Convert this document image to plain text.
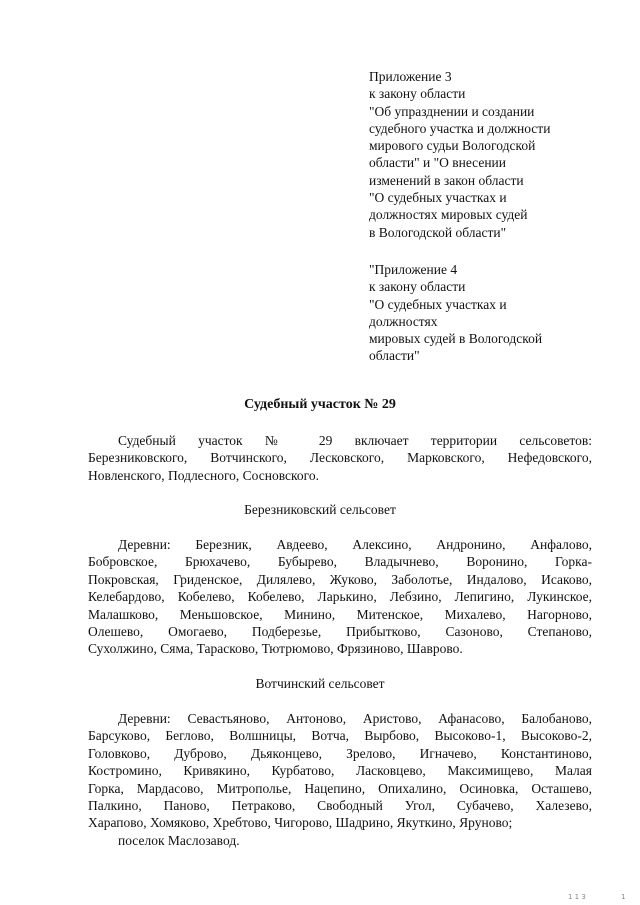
Приложение 3
к закону области
"Об упразднении и создании
судебного участка и должности
мирового судьи Вологодской
области" и "О внесении
изменений в закон области
"О судебных участках и
должностях мировых судей
в Вологодской области"
"Приложение 4
к закону области
"О судебных участках и
должностях
мировых судей в Вологодской
области"
Судебный участок № 29
Судебный участок № 29 включает территории сельсоветов:
Березниковского, Вотчинского, Лесковского, Марковского, Нефедовского,
Новленского, Подлесного, Сосновского.
Березниковский сельсовет
Деревни: Березник, Авдеево, Алексино, Андронино, Анфалово,
Бобровское, Брюхачево, Бубырево, Владычнево, Воронино, Горка-
Покровская, Гриденское, Дилялево, Жуково, Заболотье, Индалово, Исаково,
Келебардово, Кобелево, Кобелево, Ларькино, Лебзино, Лепигино, Лукинское,
Малашково, Меньшовское, Минино, Митенское, Михалево, Нагорново,
Олешево, Омогаево, Подберезье, Прибытково, Сазоново, Степаново,
Сухолжино, Сяма, Тарасково, Тютрюмово, Фрязиново, Шаврово.
Вотчинский сельсовет
Деревни: Севастьяново, Антоново, Аристово, Афанасово, Балобаново,
Барсуково, Беглово, Волшницы, Вотча, Вырбово, Высоково-1, Высоково-2,
Головково, Дуброво, Дьяконцево, Зрелово, Игначево, Константиново,
Костромино, Кривякино, Курбатово, Ласковцево, Максимищево, Малая
Горка, Мардасово, Митрополье, Нацепино, Опихалино, Осиновка, Осташево,
Палкино, Паново, Петраково, Свободный Угол, Субачево, Халезево,
Харапово, Хомяково, Хребтово, Чигорово, Шадрино, Якуткино, Яруново;
поселок Маслозавод.
1 1 3	1
